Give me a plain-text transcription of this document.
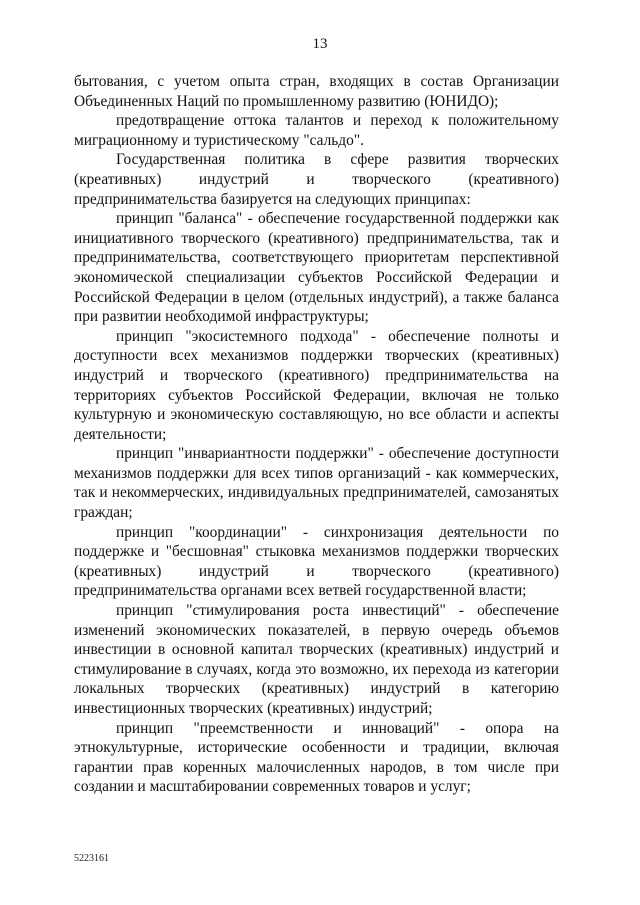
13

бытования, с учетом опыта стран, входящих в состав Организации Объединенных Наций по промышленному развитию (ЮНИДО);

предотвращение оттока талантов и переход к положительному миграционному и туристическому "сальдо".

Государственная политика в сфере развития творческих (креативных) индустрий и творческого (креативного) предпринимательства базируется на следующих принципах:

принцип "баланса" - обеспечение государственной поддержки как инициативного творческого (креативного) предпринимательства, так и предпринимательства, соответствующего приоритетам перспективной экономической специализации субъектов Российской Федерации и Российской Федерации в целом (отдельных индустрий), а также баланса при развитии необходимой инфраструктуры;

принцип "экосистемного подхода" - обеспечение полноты и доступности всех механизмов поддержки творческих (креативных) индустрий и творческого (креативного) предпринимательства на территориях субъектов Российской Федерации, включая не только культурную и экономическую составляющую, но все области и аспекты деятельности;

принцип "инвариантности поддержки" - обеспечение доступности механизмов поддержки для всех типов организаций - как коммерческих, так и некоммерческих, индивидуальных предпринимателей, самозанятых граждан;

принцип "координации" - синхронизация деятельности по поддержке и "бесшовная" стыковка механизмов поддержки творческих (креативных) индустрий и творческого (креативного) предпринимательства органами всех ветвей государственной власти;

принцип "стимулирования роста инвестиций" - обеспечение изменений экономических показателей, в первую очередь объемов инвестиции в основной капитал творческих (креативных) индустрий и стимулирование в случаях, когда это возможно, их перехода из категории локальных творческих (креативных) индустрий в категорию инвестиционных творческих (креативных) индустрий;

принцип "преемственности и инноваций" - опора на этнокультурные, исторические особенности и традиции, включая гарантии прав коренных малочисленных народов, в том числе при создании и масштабировании современных товаров и услуг;

5223161
